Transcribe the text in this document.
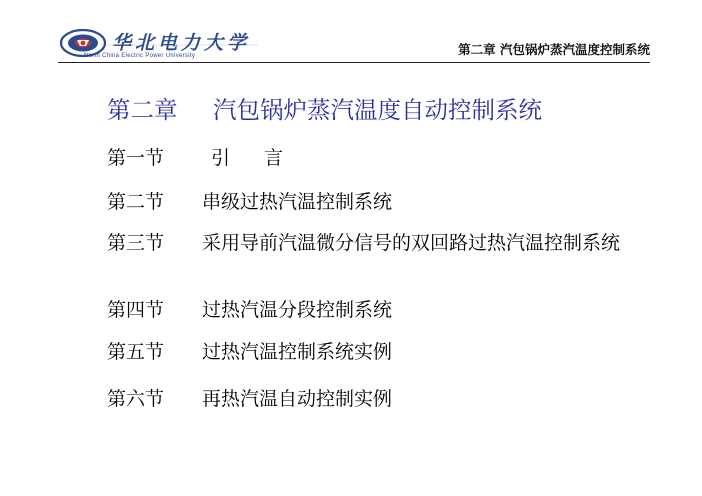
华北电力大学
North China Electric Power University	第二章 汽包锅炉蒸汽温度控制系统
第二章 汽包锅炉蒸汽温度自动控制系统
第一节 引 言
第二节 串级过热汽温控制系统
第三节 采用导前汽温微分信号的双回路过热汽温控制系统
第四节 过热汽温分段控制系统
第五节 过热汽温控制系统实例
第六节 再热汽温自动控制实例
